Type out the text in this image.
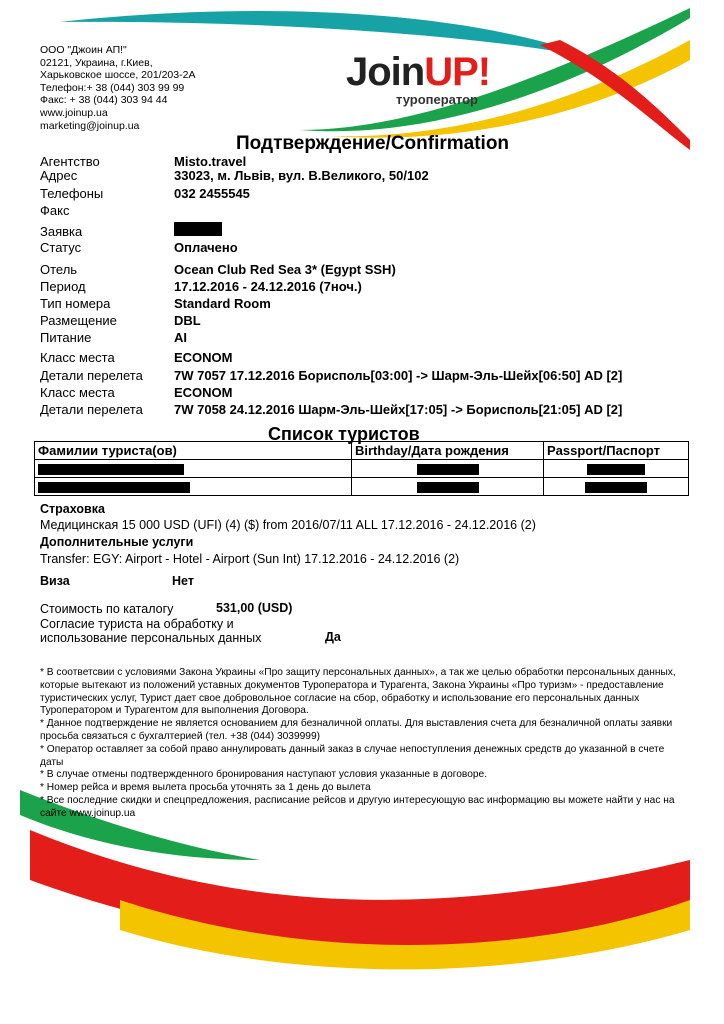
ООО "Джоин АП!"
02121, Украина, г.Киев,
Харьковское шоссе, 201/203-2А
Телефон:+ 38 (044) 303 99 99
Факс: + 38 (044) 303 94 44
www.joinup.ua
marketing@joinup.ua
JoinUP!
туроператор
Подтверждение/Confirmation
Агентство	Misto.travel
Адрес	33023, м. Львів, вул. В.Великого, 50/102
Телефоны	032 2455545
Факс
Заявка
Статус	Оплачено
Отель	Ocean Club Red Sea 3* (Egypt SSH)
Период	17.12.2016 - 24.12.2016 (7ноч.)
Тип номера	Standard Room
Размещение	DBL
Питание	AI
Класс места	ECONOM
Детали перелета 7W 7057 17.12.2016 Борисполь[03:00] -> Шарм-Эль-Шейх[06:50] AD [2]
Класс места	ECONOM
Детали перелета 7W 7058 24.12.2016 Шарм-Эль-Шейх[17:05] -> Борисполь[21:05] AD [2]
Список туристов
Фамилии туриста(ов)	Birthday/Дата рождения	Passport/Паспорт

Страховка
Медицинская 15 000 USD (UFI) (4) ($) from 2016/07/11 ALL 17.12.2016 - 24.12.2016 (2)
Дополнительные услуги
Transfer: EGY: Airport - Hotel - Airport (Sun Int) 17.12.2016 - 24.12.2016 (2)
Виза	Нет
Стоимость по каталогу	531,00 (USD)
Согласие туриста на обработку и
использование персональных данных	Да

* В соответсвии с условиями Закона Украины «Про защиту персональных данных», а так же целью обработки персональных данных, которые вытекают из положений уставных документов Туроператора и Турагента, Закона Украины «Про туризм» - предоставление туристических услуг, Турист дает свое добровольное согласие на сбор, обработку и использование его персональных данных Туроператором и Турагентом для выполнения Договора.

* Данное подтверждение не является основанием для безналичной оплаты. Для выставления счета для безналичной оплаты заявки просьба связаться с бухгалтерией (тел. +38 (044) 3039999)

* Оператор оставляет за собой право аннулировать данный заказ в случае непоступления денежных средств до указанной в счете даты

* В случае отмены подтвержденного бронирования наступают условия указанные в договоре.

* Номер рейса и время вылета просьба уточнять за 1 день до вылета

* Все последние скидки и спецпредложения, расписание рейсов и другую интересующую вас информацию вы можете найти у нас на сайте www.joinup.ua
